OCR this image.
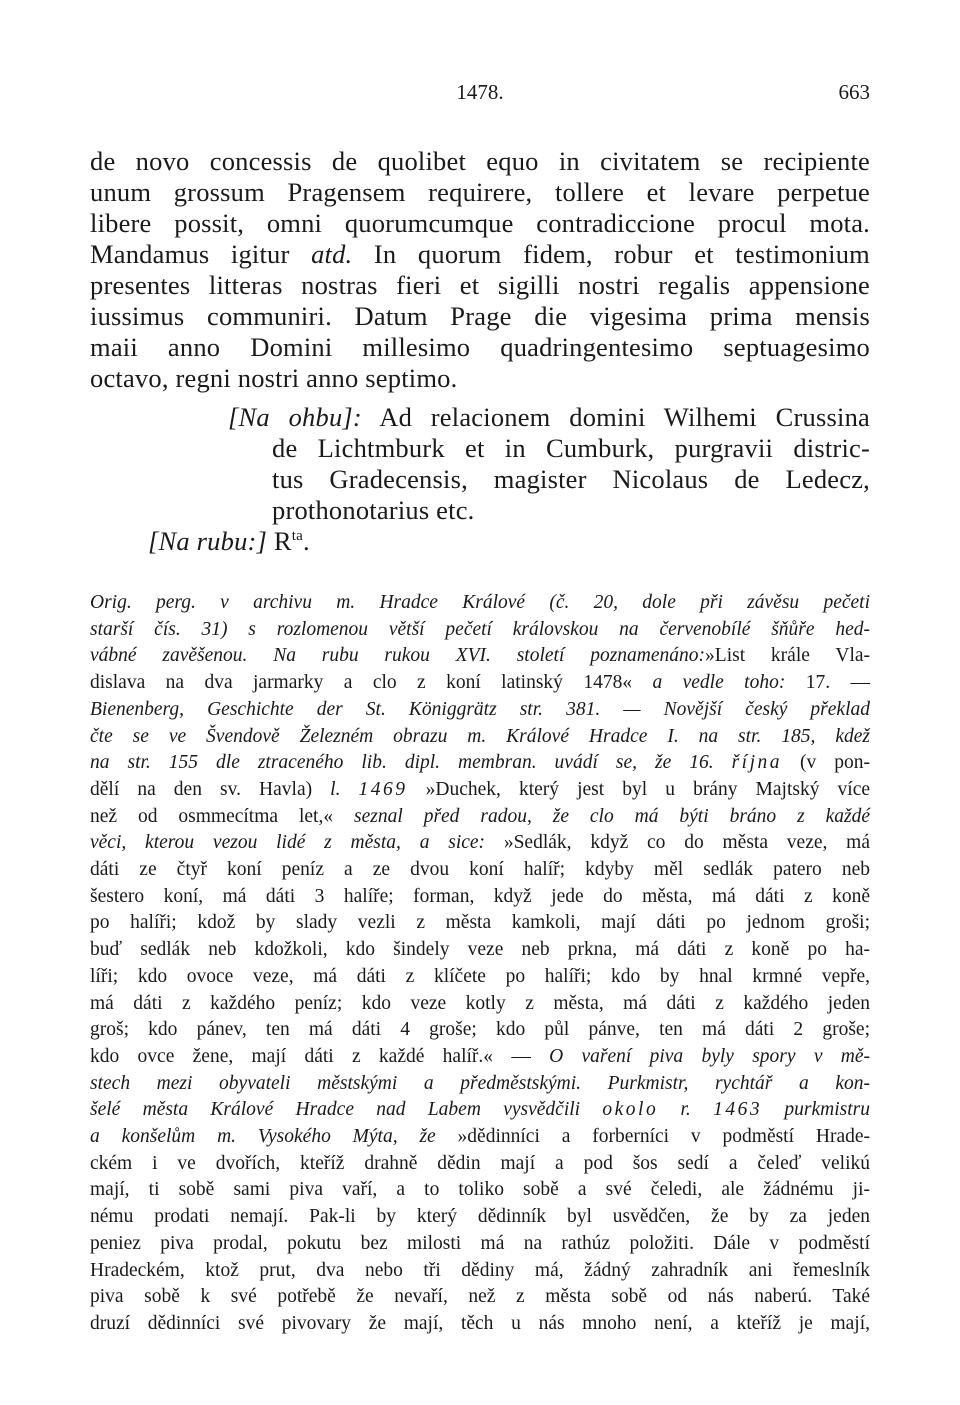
1478.	663
de novo concessis de quolibet equo in civitatem se recipiente
unum grossum Pragensem requirere, tollere et levare perpetue
libere possit, omni quorumcumque contradiccione procul mota.
Mandamus igitur atd. In quorum fidem, robur et testimonium
presentes litteras nostras fieri et sigilli nostri regalis appensione
iussimus communiri. Datum Prage die vigesima prima mensis
maii anno Domini millesimo quadringentesimo septuagesimo
octavo, regni nostri anno septimo.
[Na ohbu]: Ad relacionem domini Wilhemi Crussina
de Lichtmburk et in Cumburk, purgravii distric-
tus Gradecensis, magister Nicolaus de Ledecz,
prothonotarius etc.
[Na rubu:] $R^{ta}$.
Orig. perg. v archivu m. Hradce Králové (č. 20, dole při závěsu pečeti
starší čís. 31) s rozlomenou větší pečetí královskou na červenobílé šňůře hed-
vábné zavěšenou. Na rubu rukou XVI. století poznamenáno:»List krále Vla-
dislava na dva jarmarky a clo z koní latinský 1478« a vedle toho: 17. —
Bienenberg, Geschichte der St. Königgrätz str. 381. — Novější český překlad
čte se ve Švendově Železném obrazu m. Králové Hradce I. na str. 185, kdež
na str. 155 dle ztraceného lib. dipl. membran. uvádí se, že 16. října (v pon-
dělí na den sv. Havla) l. 1469 »Duchek, který jest byl u brány Majtský více
než od osmmecítma let,« seznal před radou, že clo má býti bráno z každé
věci, kterou vezou lidé z města, a sice: »Sedlák, když co do města veze, má
dáti ze čtyř koní peníz a ze dvou koní halíř; kdyby měl sedlák patero neb
šestero koní, má dáti 3 halíře; forman, když jede do města, má dáti z koně
po halíři; kdož by slady vezli z města kamkoli, mají dáti po jednom groši;
buď sedlák neb kdožkoli, kdo šindely veze neb prkna, má dáti z koně po ha-
líři; kdo ovoce veze, má dáti z klíčete po halíři; kdo by hnal krmné vepře,
má dáti z každého peníz; kdo veze kotly z města, má dáti z každého jeden
groš; kdo pánev, ten má dáti 4 groše; kdo půl pánve, ten má dáti 2 groše;
kdo ovce žene, mají dáti z každé halíř.« — O vaření piva byly spory v mě-
stech mezi obyvateli městskými a předměstskými. Purkmistr, rychtář a kon-
šelé města Králové Hradce nad Labem vysvědčili okolo r. 1463 purkmistru
a konšelům m. Vysokého Mýta, že »dědinníci a forberníci v podměstí Hrade-
ckém i ve dvořích, kteříž drahně dědin mají a pod šos sedí a čeleď velikú
mají, ti sobě sami piva vaří, a to toliko sobě a své čeledi, ale žádnému ji-
nému prodati nemají. Pak-li by který dědinník byl usvědčen, že by za jeden
peniez piva prodal, pokutu bez milosti má na rathúz položiti. Dále v podměstí
Hradeckém, ktož prut, dva nebo tři dědiny má, žádný zahradník ani řemeslník
piva sobě k své potřebě že nevaří, než z města sobě od nás naberú. Také
druzí dědinníci své pivovary že mají, těch u nás mnoho není, a kteříž je mají,
